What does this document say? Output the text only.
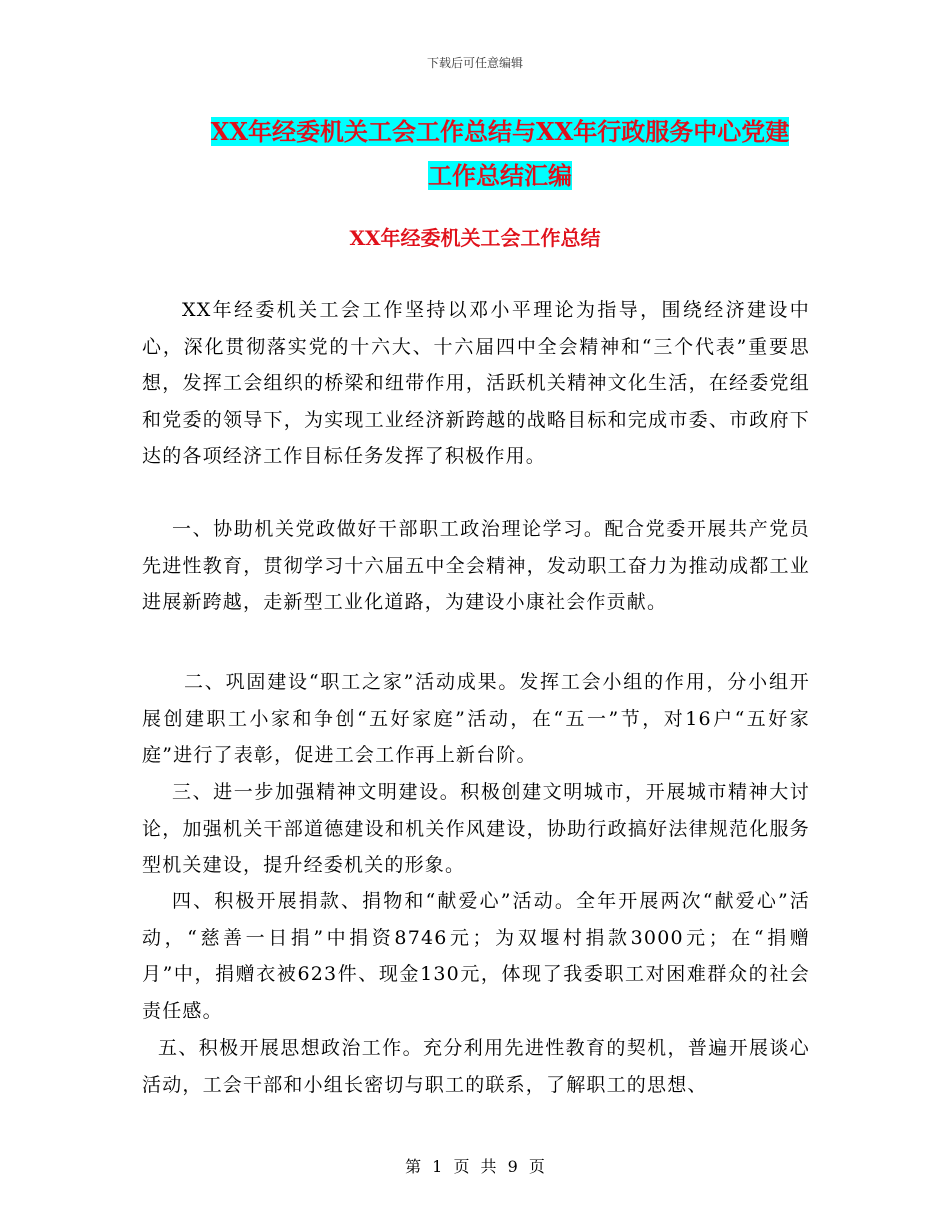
下载后可任意编辑
XX年经委机关工会工作总结与XX年行政服务中心党建
工作总结汇编
XX年经委机关工会工作总结

XX年经委机关工会工作坚持以邓小平理论为指导，围绕经济建设中心，深化贯彻落实党的十六大、十六届四中全会精神和“三个代表”重要思想，发挥工会组织的桥梁和纽带作用，活跃机关精神文化生活，在经委党组和党委的领导下，为实现工业经济新跨越的战略目标和完成市委、市政府下达的各项经济工作目标任务发挥了积极作用。

一、协助机关党政做好干部职工政治理论学习。配合党委开展共产党员先进性教育，贯彻学习十六届五中全会精神，发动职工奋力为推动成都工业进展新跨越，走新型工业化道路，为建设小康社会作贡献。

二、巩固建设“职工之家”活动成果。发挥工会小组的作用，分小组开展创建职工小家和争创“五好家庭”活动，在“五一”节，对16户“五好家庭”进行了表彰，促进工会工作再上新台阶。

三、进一步加强精神文明建设。积极创建文明城市，开展城市精神大讨论，加强机关干部道德建设和机关作风建设，协助行政搞好法律规范化服务型机关建设，提升经委机关的形象。

四、积极开展捐款、捐物和“献爱心”活动。全年开展两次“献爱心”活动，“慈善一日捐”中捐资8746元；为双堰村捐款3000元；在“捐赠月”中，捐赠衣被623件、现金130元，体现了我委职工对困难群众的社会责任感。

五、积极开展思想政治工作。充分利用先进性教育的契机，普遍开展谈心活动，工会干部和小组长密切与职工的联系，了解职工的思想、

第 1 页 共 9 页
